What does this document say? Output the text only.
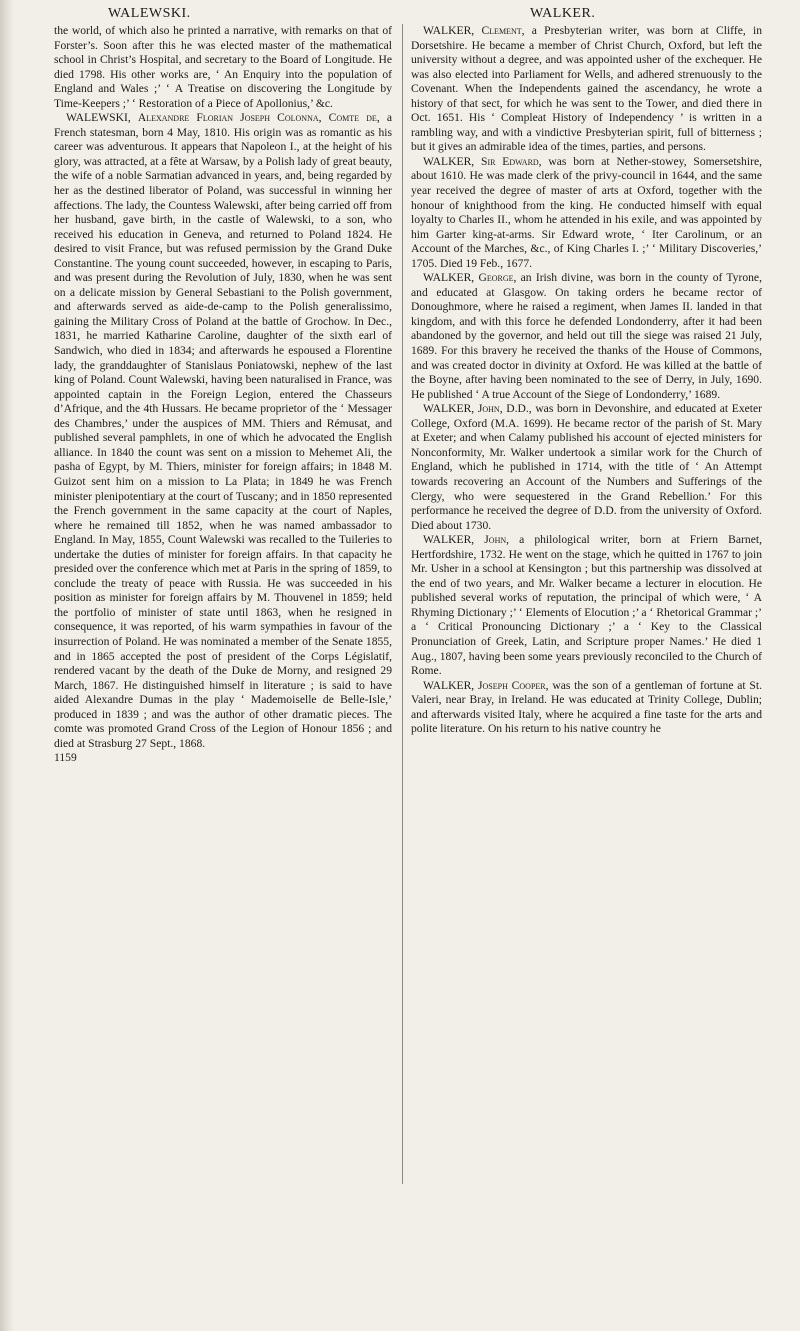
WALEWSKI.	WALKER.

the world, of which also he printed a narrative, with remarks on that of Forster’s. Soon after this he was elected master of the mathematical school in Christ’s Hospital, and secretary to the Board of Longitude. He died 1798. His other works are, ‘ An Enquiry into the population of England and Wales ;’ ‘ A Treatise on discovering the Longitude by Time-Keepers ;’ ‘ Restoration of a Piece of Apollonius,’ &c.

WALEWSKI, Alexandre Florian Joseph Colonna, Comte de, a French statesman, born 4 May, 1810. His origin was as romantic as his career was adventurous. It appears that Napoleon I., at the height of his glory, was attracted, at a fête at Warsaw, by a Polish lady of great beauty, the wife of a noble Sarmatian advanced in years, and, being regarded by her as the destined liberator of Poland, was successful in winning her affections. The lady, the Countess Walewski, after being carried off from her husband, gave birth, in the castle of Walewski, to a son, who received his education in Geneva, and returned to Poland 1824. He desired to visit France, but was refused permission by the Grand Duke Constantine. The young count succeeded, however, in escaping to Paris, and was present during the Revolution of July, 1830, when he was sent on a delicate mission by General Sebastiani to the Polish government, and afterwards served as aide-de-camp to the Polish generalissimo, gaining the Military Cross of Poland at the battle of Grochow. In Dec., 1831, he married Katharine Caroline, daughter of the sixth earl of Sandwich, who died in 1834; and afterwards he espoused a Florentine lady, the granddaughter of Stanislaus Poniatowski, nephew of the last king of Poland. Count Walewski, having been naturalised in France, was appointed captain in the Foreign Legion, entered the Chasseurs d’Afrique, and the 4th Hussars. He became proprietor of the ‘ Messager des Chambres,’ under the auspices of MM. Thiers and Rémusat, and published several pamphlets, in one of which he advocated the English alliance. In 1840 the count was sent on a mission to Mehemet Ali, the pasha of Egypt, by M. Thiers, minister for foreign affairs; in 1848 M. Guizot sent him on a mission to La Plata; in 1849 he was French minister plenipotentiary at the court of Tuscany; and in 1850 represented the French government in the same capacity at the court of Naples, where he remained till 1852, when he was named ambassador to England. In May, 1855, Count Walewski was recalled to the Tuileries to undertake the duties of minister for foreign affairs. In that capacity he presided over the conference which met at Paris in the spring of 1859, to conclude the treaty of peace with Russia. He was succeeded in his position as minister for foreign affairs by M. Thouvenel in 1859; held the portfolio of minister of state until 1863, when he resigned in consequence, it was reported, of his warm sympathies in favour of the insurrection of Poland. He was nominated a member of the Senate 1855, and in 1865 accepted the post of president of the Corps Législatif, rendered vacant by the death of the Duke de Morny, and resigned 29 March, 1867. He distinguished himself in literature ; is said to have aided Alexandre Dumas in the play ‘ Mademoiselle de Belle-Isle,’ produced in 1839 ; and was the author of other dramatic pieces. The comte was promoted Grand Cross of the Legion of Honour 1856 ; and died at Strasburg 27 Sept., 1868.

1159

WALKER, Clement, a Presbyterian writer, was born at Cliffe, in Dorsetshire. He became a member of Christ Church, Oxford, but left the university without a degree, and was appointed usher of the exchequer. He was also elected into Parliament for Wells, and adhered strenuously to the Covenant. When the Independents gained the ascendancy, he wrote a history of that sect, for which he was sent to the Tower, and died there in Oct. 1651. His ‘ Compleat History of Independency ’ is written in a rambling way, and with a vindictive Presbyterian spirit, full of bitterness ; but it gives an admirable idea of the times, parties, and persons.

WALKER, Sir Edward, was born at Nether-stowey, Somersetshire, about 1610. He was made clerk of the privy-council in 1644, and the same year received the degree of master of arts at Oxford, together with the honour of knighthood from the king. He conducted himself with equal loyalty to Charles II., whom he attended in his exile, and was appointed by him Garter king-at-arms. Sir Edward wrote, ‘ Iter Carolinum, or an Account of the Marches, &c., of King Charles I. ;’ ‘ Military Discoveries,’ 1705. Died 19 Feb., 1677.

WALKER, George, an Irish divine, was born in the county of Tyrone, and educated at Glasgow. On taking orders he became rector of Donoughmore, where he raised a regiment, when James II. landed in that kingdom, and with this force he defended Londonderry, after it had been abandoned by the governor, and held out till the siege was raised 21 July, 1689. For this bravery he received the thanks of the House of Commons, and was created doctor in divinity at Oxford. He was killed at the battle of the Boyne, after having been nominated to the see of Derry, in July, 1690. He published ‘ A true Account of the Siege of Londonderry,’ 1689.

WALKER, John, D.D., was born in Devonshire, and educated at Exeter College, Oxford (M.A. 1699). He became rector of the parish of St. Mary at Exeter; and when Calamy published his account of ejected ministers for Nonconformity, Mr. Walker undertook a similar work for the Church of England, which he published in 1714, with the title of ‘ An Attempt towards recovering an Account of the Numbers and Sufferings of the Clergy, who were sequestered in the Grand Rebellion.’ For this performance he received the degree of D.D. from the university of Oxford. Died about 1730.

WALKER, John, a philological writer, born at Friern Barnet, Hertfordshire, 1732. He went on the stage, which he quitted in 1767 to join Mr. Usher in a school at Kensington ; but this partnership was dissolved at the end of two years, and Mr. Walker became a lecturer in elocution. He published several works of reputation, the principal of which were, ‘ A Rhyming Dictionary ;’ ‘ Elements of Elocution ;’ a ‘ Rhetorical Grammar ;’ a ‘ Critical Pronouncing Dictionary ;’ a ‘ Key to the Classical Pronunciation of Greek, Latin, and Scripture proper Names.’ He died 1 Aug., 1807, having been some years previously reconciled to the Church of Rome.

WALKER, Joseph Cooper, was the son of a gentleman of fortune at St. Valeri, near Bray, in Ireland. He was educated at Trinity College, Dublin; and afterwards visited Italy, where he acquired a fine taste for the arts and polite literature. On his return to his native country he
